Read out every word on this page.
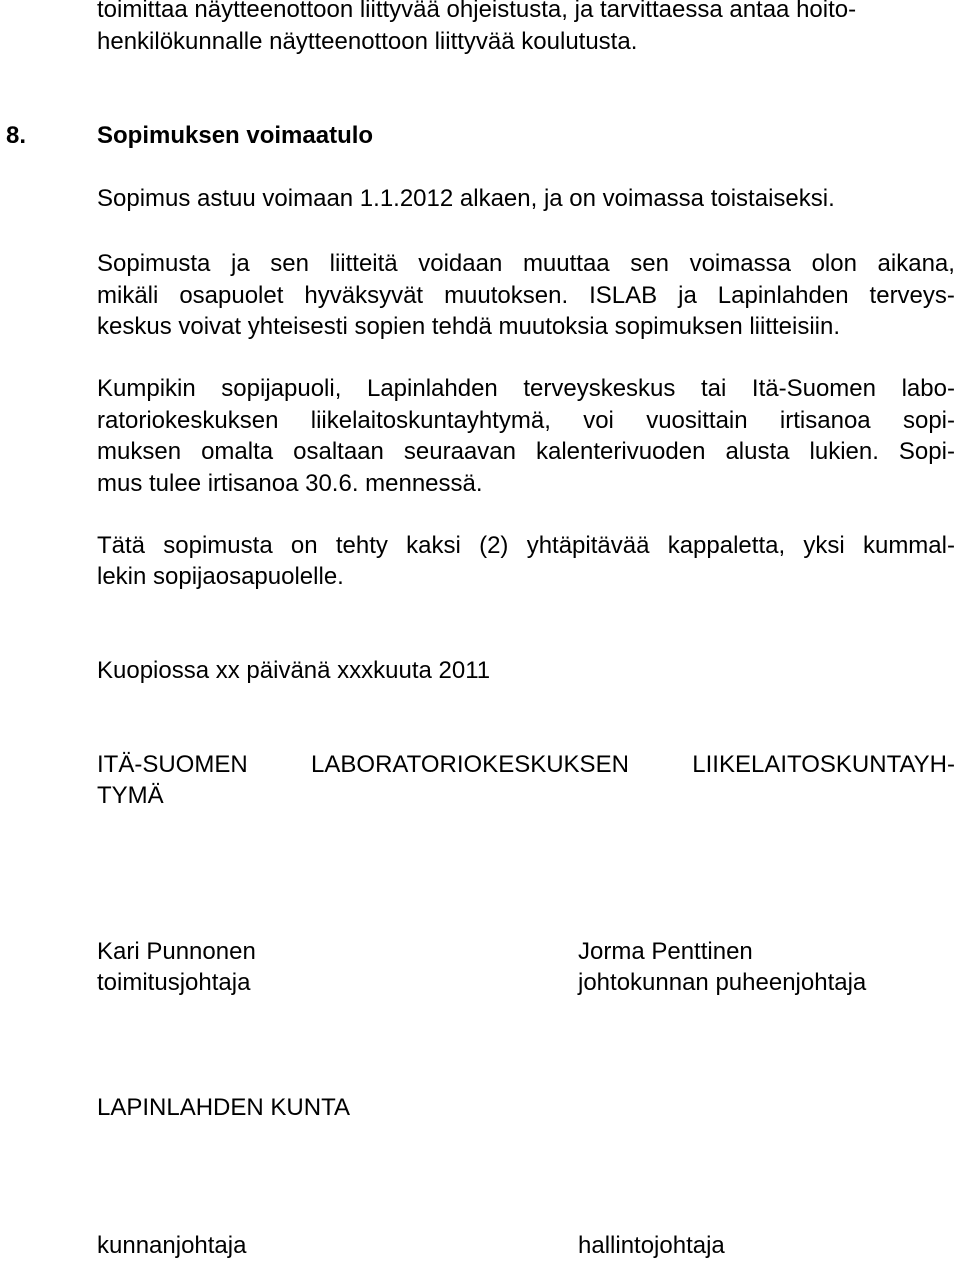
toimittaa näytteenottoon liittyvää ohjeistusta, ja tarvittaessa antaa hoito-
henkilökunnalle näytteenottoon liittyvää koulutusta.
8.	Sopimuksen voimaatulo
Sopimus astuu voimaan 1.1.2012 alkaen, ja on voimassa toistaiseksi.
Sopimusta ja sen liitteitä voidaan muuttaa sen voimassa olon aikana,
mikäli osapuolet hyväksyvät muutoksen. ISLAB ja Lapinlahden terveys-
keskus voivat yhteisesti sopien tehdä muutoksia sopimuksen liitteisiin.
Kumpikin sopijapuoli, Lapinlahden terveyskeskus tai Itä-Suomen labo-
ratoriokeskuksen liikelaitoskuntayhtymä, voi vuosittain irtisanoa sopi-
muksen omalta osaltaan seuraavan kalenterivuoden alusta lukien. Sopi-
mus tulee irtisanoa 30.6. mennessä.
Tätä sopimusta on tehty kaksi (2) yhtäpitävää kappaletta, yksi kummal-
lekin sopijaosapuolelle.
Kuopiossa xx päivänä xxxkuuta 2011
ITÄ-SUOMEN	LABORATORIOKESKUKSEN	LIIKELAITOSKUNTAYH-
TYMÄ
Kari Punnonen
toimitusjohtaja
Jorma Penttinen
johtokunnan puheenjohtaja
LAPINLAHDEN KUNTA
kunnanjohtaja	hallintojohtaja
